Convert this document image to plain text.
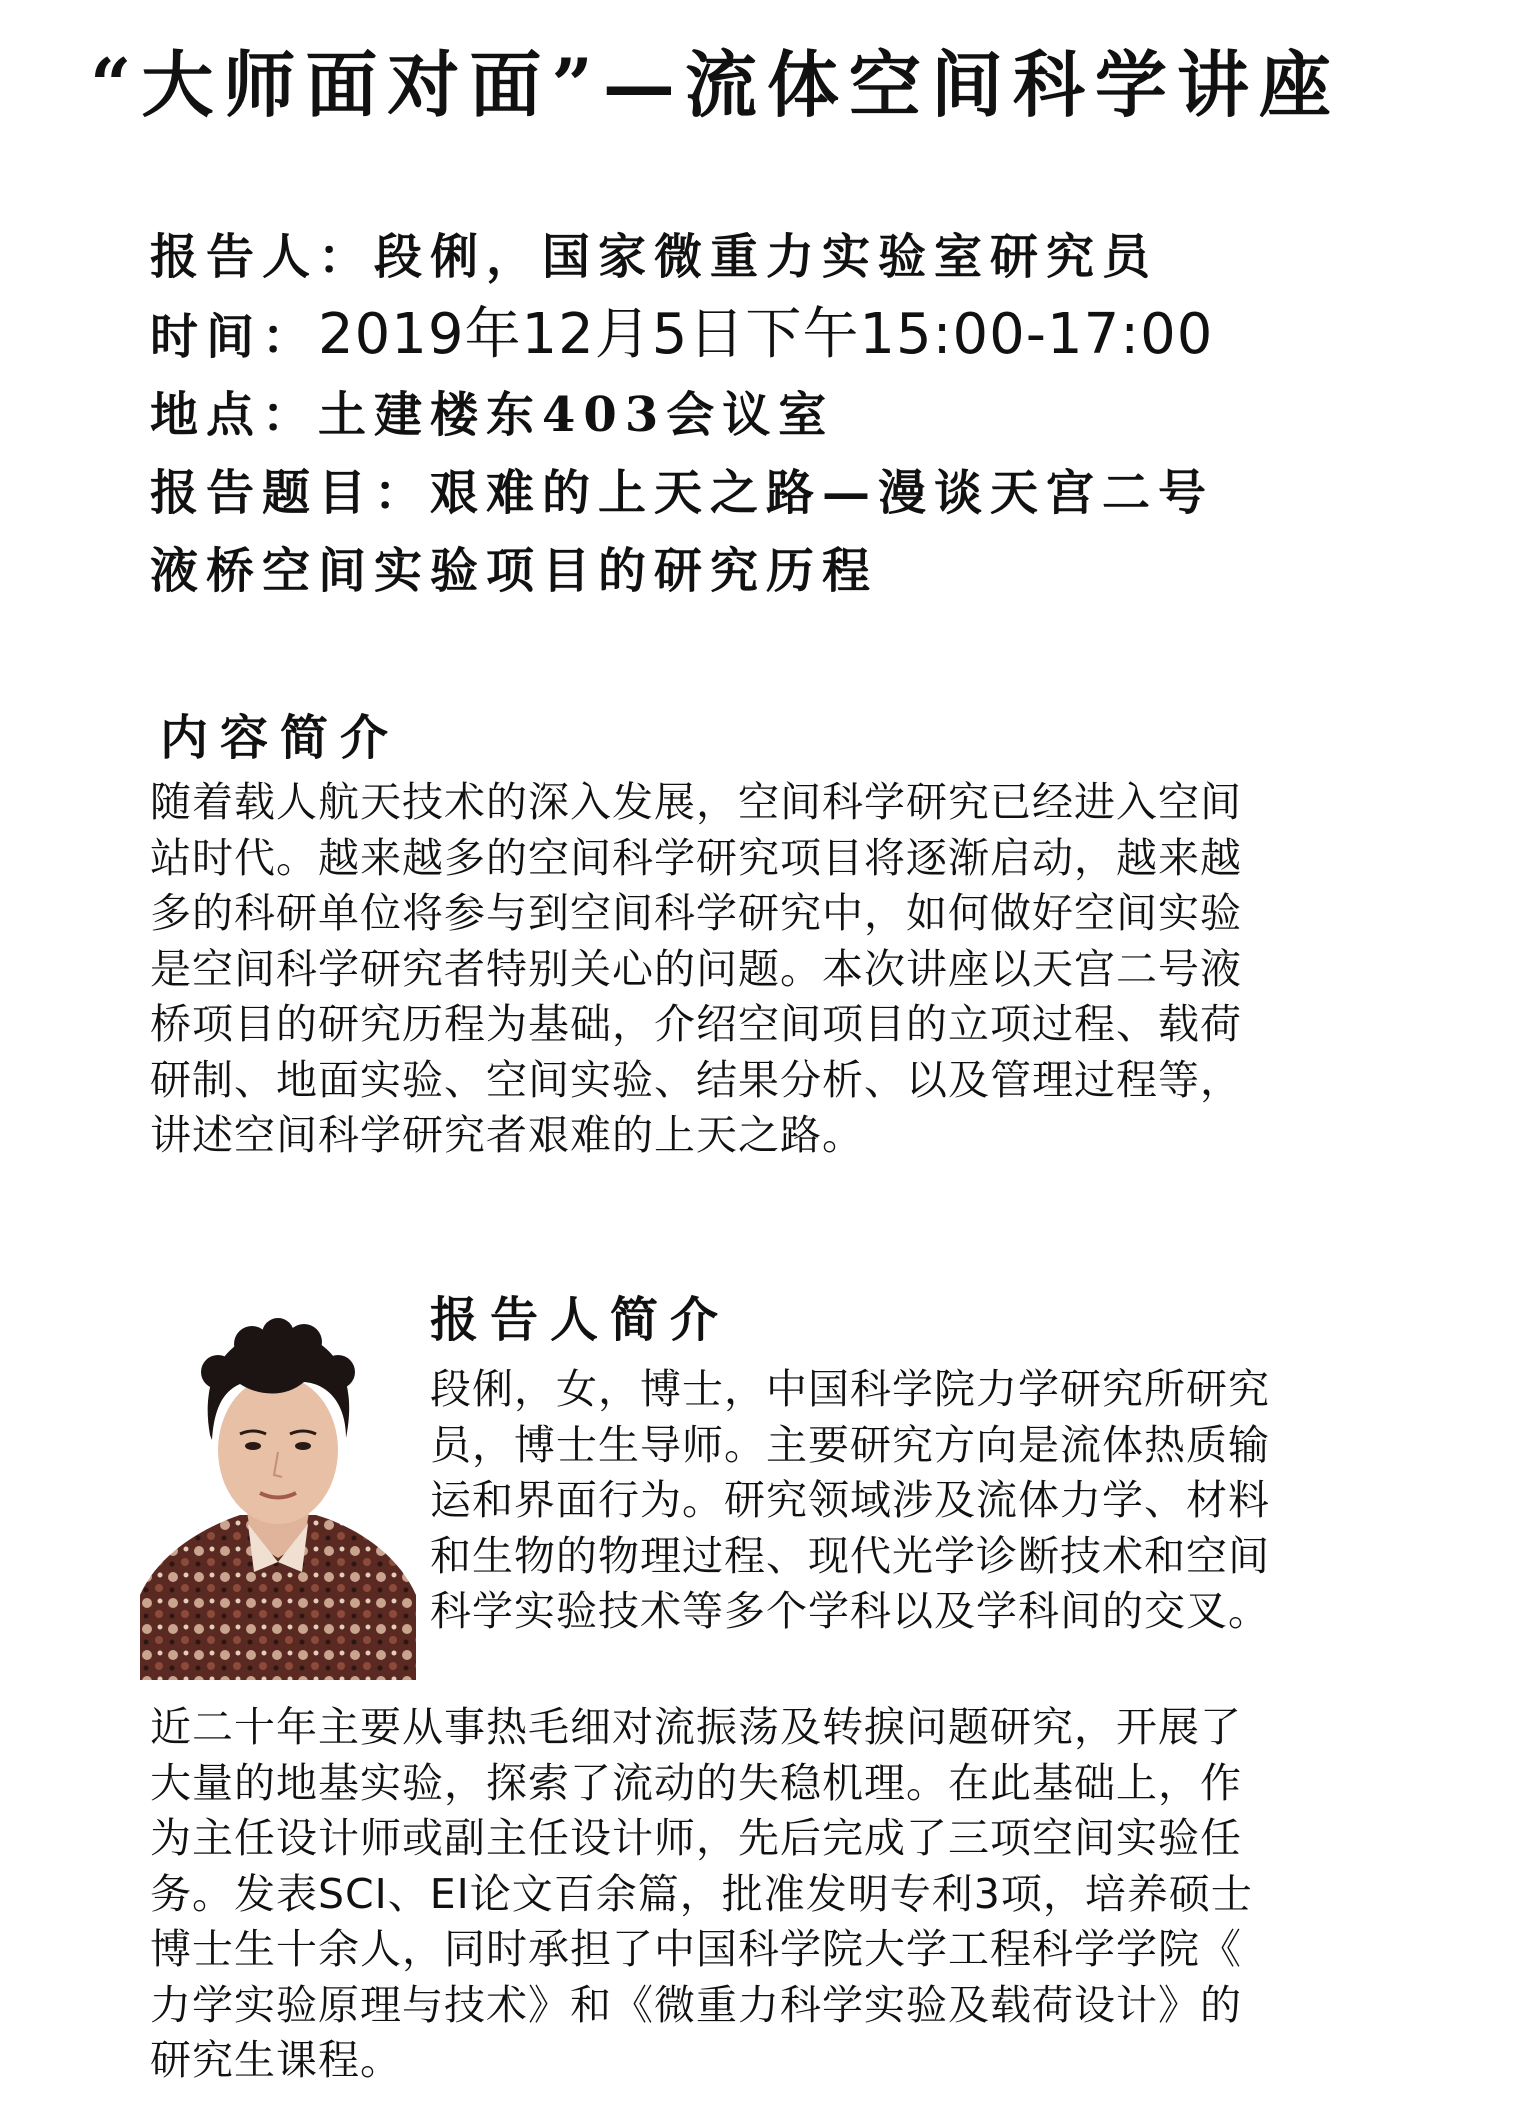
“大师面对面”—流体空间科学讲座
报告人：段俐，国家微重力实验室研究员
时间：2019年12月5日下午15:00-17:00
地点：土建楼东403会议室
报告题目：艰难的上天之路—漫谈天宫二号
液桥空间实验项目的研究历程
内容简介
随着载人航天技术的深入发展，空间科学研究已经进入空间
站时代。越来越多的空间科学研究项目将逐渐启动，越来越
多的科研单位将参与到空间科学研究中，如何做好空间实验
是空间科学研究者特别关心的问题。本次讲座以天宫二号液
桥项目的研究历程为基础，介绍空间项目的立项过程、载荷
研制、地面实验、空间实验、结果分析、以及管理过程等，
讲述空间科学研究者艰难的上天之路。
报告人简介
段俐，女，博士，中国科学院力学研究所研究
员，博士生导师。主要研究方向是流体热质输
运和界面行为。研究领域涉及流体力学、材料
和生物的物理过程、现代光学诊断技术和空间
科学实验技术等多个学科以及学科间的交叉。
近二十年主要从事热毛细对流振荡及转捩问题研究，开展了
大量的地基实验，探索了流动的失稳机理。在此基础上，作
为主任设计师或副主任设计师，先后完成了三项空间实验任
务。发表SCI、EI论文百余篇，批准发明专利3项，培养硕士
博士生十余人，同时承担了中国科学院大学工程科学学院《
力学实验原理与技术》和《微重力科学实验及载荷设计》的
研究生课程。
